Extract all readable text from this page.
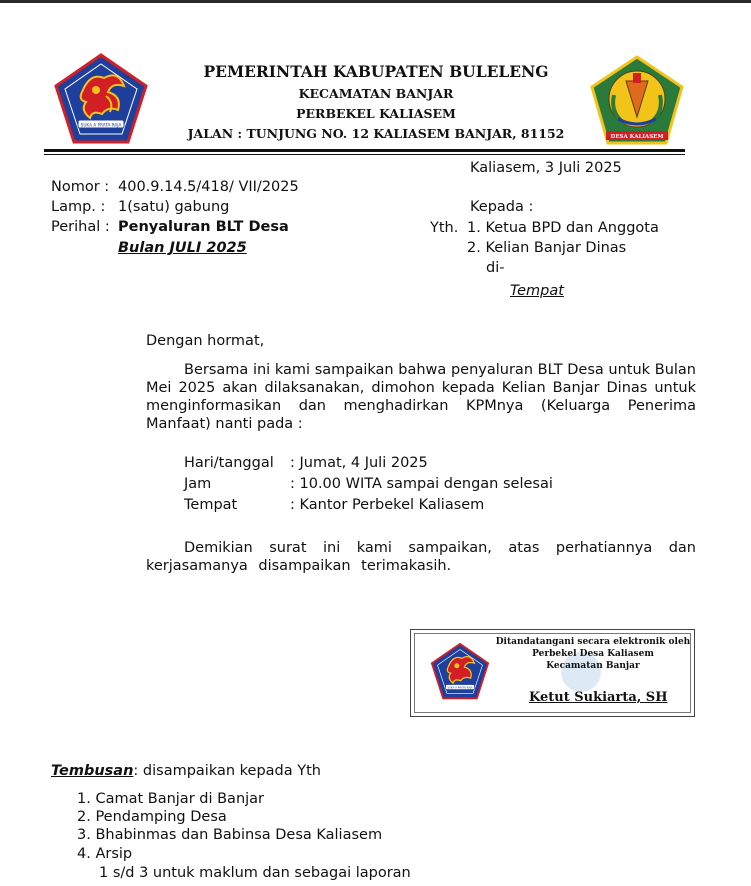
SUKA A PRATA RAJA
DESA KALIASEM
PEMERINTAH KABUPATEN BULELENG
KECAMATAN BANJAR
PERBEKEL KALIASEM
JALAN : TUNJUNG NO. 12 KALIASEM BANJAR, 81152
Kaliasem, 3 Juli 2025
Nomor : 400.9.14.5/418/ VII/2025
Lamp. : 1(satu) gabung
Perihal : Penyaluran BLT Desa
Bulan JULI 2025
Kepada :
Yth. 1. Ketua BPD dan Anggota
2. Kelian Banjar Dinas
di-
Tempat
Dengan hormat,
Bersama ini kami sampaikan bahwa penyaluran BLT Desa untuk Bulan Mei 2025 akan dilaksanakan, dimohon kepada Kelian Banjar Dinas untuk menginformasikan dan menghadirkan KPMnya (Keluarga Penerima Manfaat) nanti pada :
Hari/tanggal : Jumat, 4 Juli 2025
Jam	: 10.00 WITA sampai dengan selesai
Tempat	: Kantor Perbekel Kaliasem
Demikian surat ini kami sampaikan, atas perhatiannya dan kerjasamanya disampaikan terimakasih.
SUKA A PRATA RAJA
Ditandatangani secara elektronik oleh
Perbekel Desa Kaliasem
Kecamatan Banjar
Ketut Sukiarta, SH
Tembusan: disampaikan kepada Yth
1. Camat Banjar di Banjar
2. Pendamping Desa
3. Bhabinmas dan Babinsa Desa Kaliasem
4. Arsip
1 s/d 3 untuk maklum dan sebagai laporan
